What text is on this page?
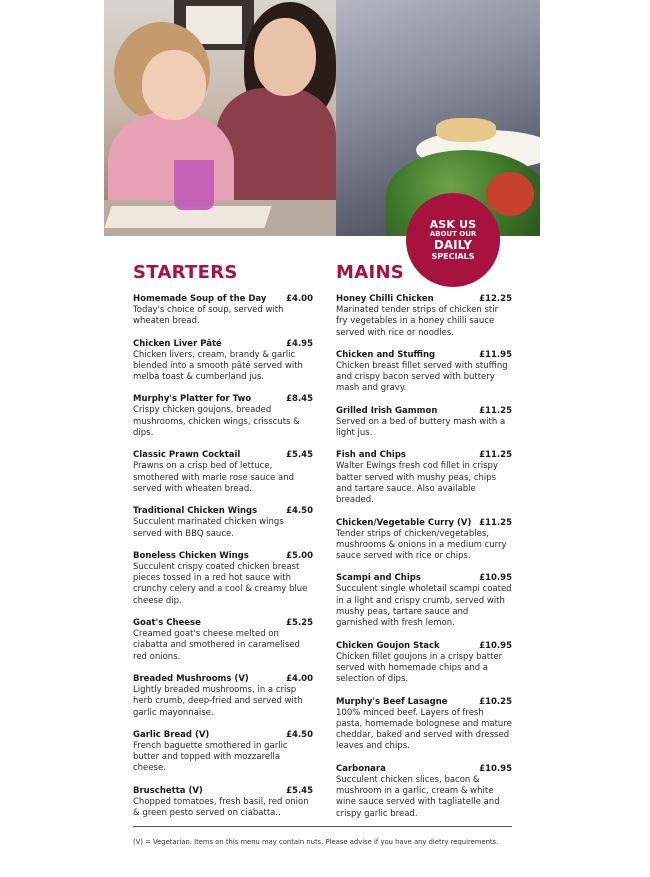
ASK US
ABOUT OUR
DAILY
SPECIALS
STARTERS
Homemade Soup of the Day £4.00
Today's choice of soup, served with wheaten bread.
Chicken Liver Pâté	£4.95
Chicken livers, cream, brandy & garlic blended into a smooth pâté served with melba toast & cumberland jus.
Murphy's Platter for Two	£8.45
Crispy chicken goujons, breaded mushrooms, chicken wings, crisscuts & dips.
Classic Prawn Cocktail	£5.45
Prawns on a crisp bed of lettuce, smothered with marie rose sauce and served with wheaten bread.
Traditional Chicken Wings	£4.50
Succulent marinated chicken wings served with BBQ sauce.
Boneless Chicken Wings	£5.00
Succulent crispy coated chicken breast pieces tossed in a red hot sauce with crunchy celery and a cool & creamy blue cheese dip.
Goat's Cheese	£5.25
Creamed goat's cheese melted on ciabatta and smothered in caramelised red onions.
Breaded Mushrooms (V)	£4.00
Lightly breaded mushrooms, in a crisp herb crumb, deep-fried and served with garlic mayonnaise.
Garlic Bread (V)	£4.50
French baguette smothered in garlic butter and topped with mozzarella cheese.
Bruschetta (V)	£5.45
Chopped tomatoes, fresh basil, red onion & green pesto served on ciabatta..
MAINS
Honey Chilli Chicken	£12.25
Marinated tender strips of chicken stir fry vegetables in a honey chilli sauce served with rice or noodles.
Chicken and Stuffing	£11.95
Chicken breast fillet served with stuffing and crispy bacon served with buttery mash and gravy.
Grilled Irish Gammon	£11.25
Served on a bed of buttery mash with a light jus.
Fish and Chips	£11.25
Walter Ewings fresh cod fillet in crispy batter served with mushy peas, chips and tartare sauce. Also available breaded.
Chicken/Vegetable Curry (V) £11.25
Tender strips of chicken/vegetables, mushrooms & onions in a medium curry sauce served with rice or chips.
Scampi and Chips	£10.95
Succulent single wholetail scampi coated in a light and crispy crumb, served with mushy peas, tartare sauce and garnished with fresh lemon.
Chicken Goujon Stack	£10.95
Chicken fillet goujons in a crispy batter served with homemade chips and a selection of dips.
Murphy's Beef Lasagne	£10.25
100% minced beef. Layers of fresh pasta, homemade bolognese and mature cheddar, baked and served with dressed leaves and chips.
Carbonara	£10.95
Succulent chicken slices, bacon & mushroom in a garlic, cream & white wine sauce served with tagliatelle and crispy garlic bread.
(V) = Vegetarian. Items on this menu may contain nuts. Please advise if you have any dietry requirements.
